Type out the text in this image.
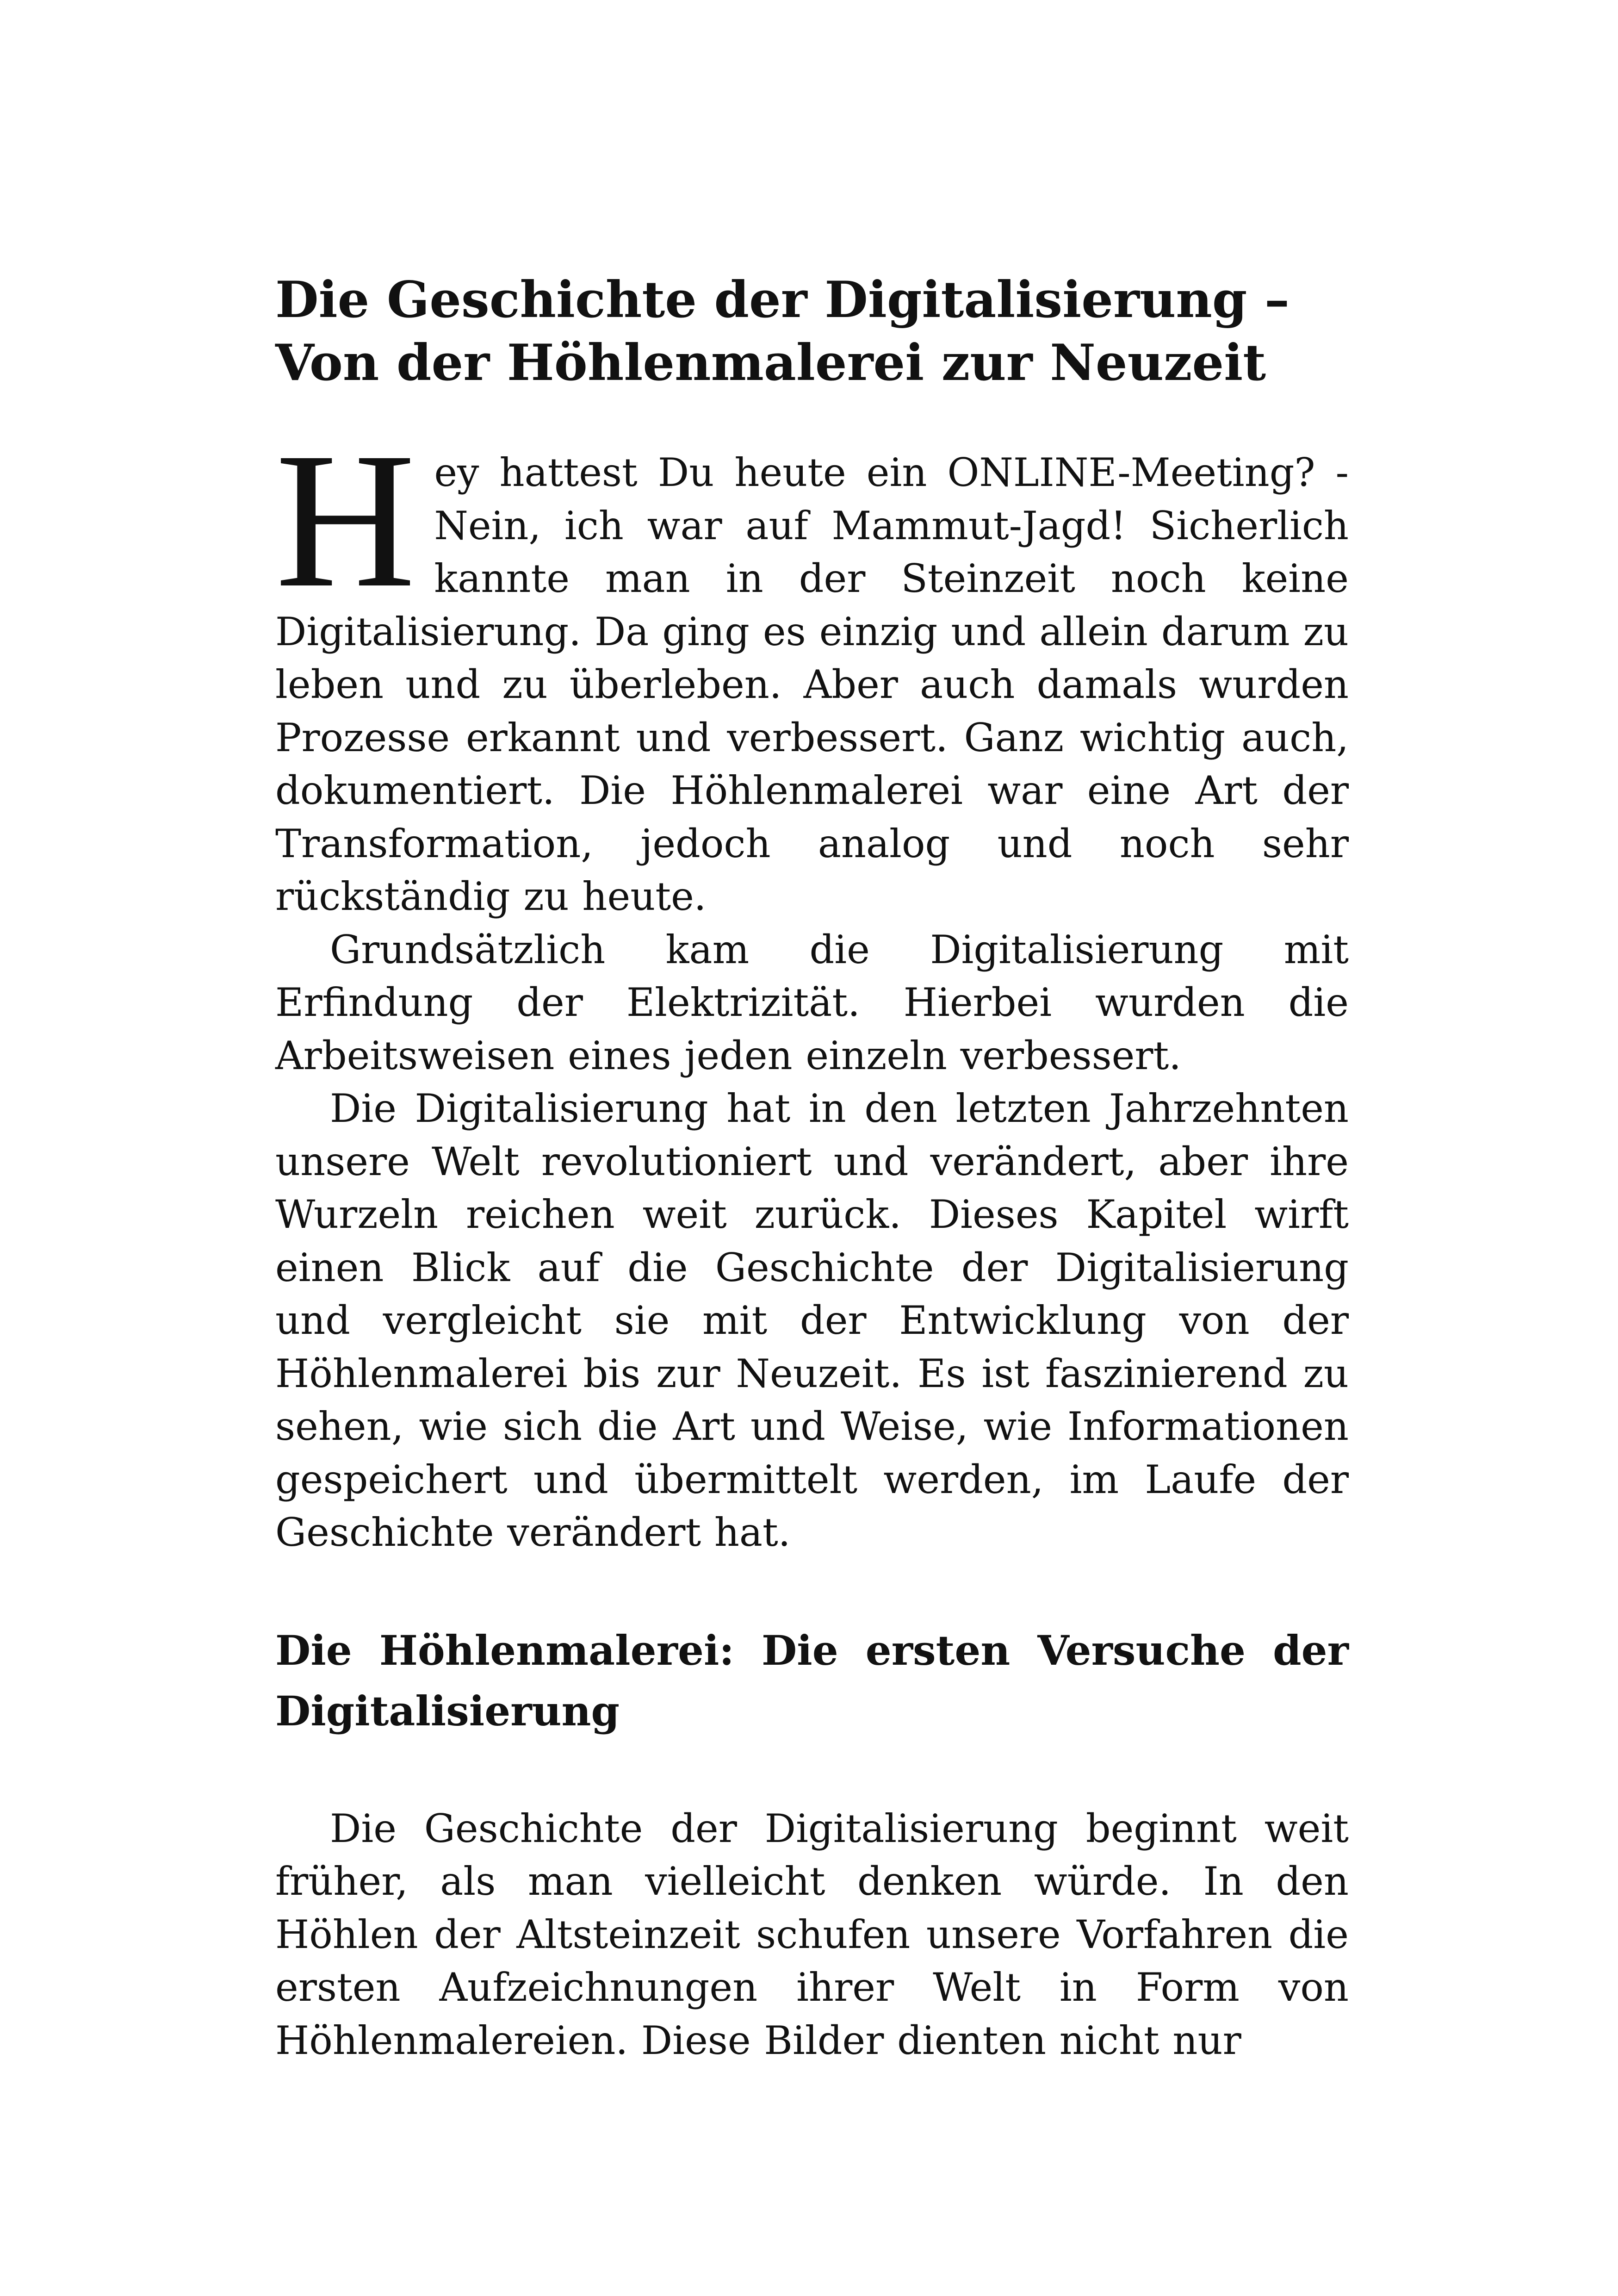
Die Geschichte der Digitalisierung – Von der Höhlenmalerei zur Neuzeit

Hey hattest Du heute ein ONLINE-Meeting? - Nein, ich war auf Mammut-Jagd! Sicherlich kannte man in der Steinzeit noch keine Digitalisierung. Da ging es einzig und allein darum zu leben und zu überleben. Aber auch damals wurden Prozesse erkannt und verbessert. Ganz wichtig auch, dokumentiert. Die Höhlenmalerei war eine Art der Transformation, jedoch analog und noch sehr rückständig zu heute.

Grundsätzlich kam die Digitalisierung mit Erfindung der Elektrizität. Hierbei wurden die Arbeitsweisen eines jeden einzeln verbessert.

Die Digitalisierung hat in den letzten Jahrzehnten unsere Welt revolutioniert und verändert, aber ihre Wurzeln reichen weit zurück. Dieses Kapitel wirft einen Blick auf die Geschichte der Digitalisierung und vergleicht sie mit der Entwicklung von der Höhlenmalerei bis zur Neuzeit. Es ist faszinierend zu sehen, wie sich die Art und Weise, wie Informationen gespeichert und übermittelt werden, im Laufe der Geschichte verändert hat.

Die Höhlenmalerei: Die ersten Versuche der Digitalisierung

Die Geschichte der Digitalisierung beginnt weit früher, als man vielleicht denken würde. In den Höhlen der Altsteinzeit schufen unsere Vorfahren die ersten Aufzeichnungen ihrer Welt in Form von Höhlenmalereien. Diese Bilder dienten nicht nur
